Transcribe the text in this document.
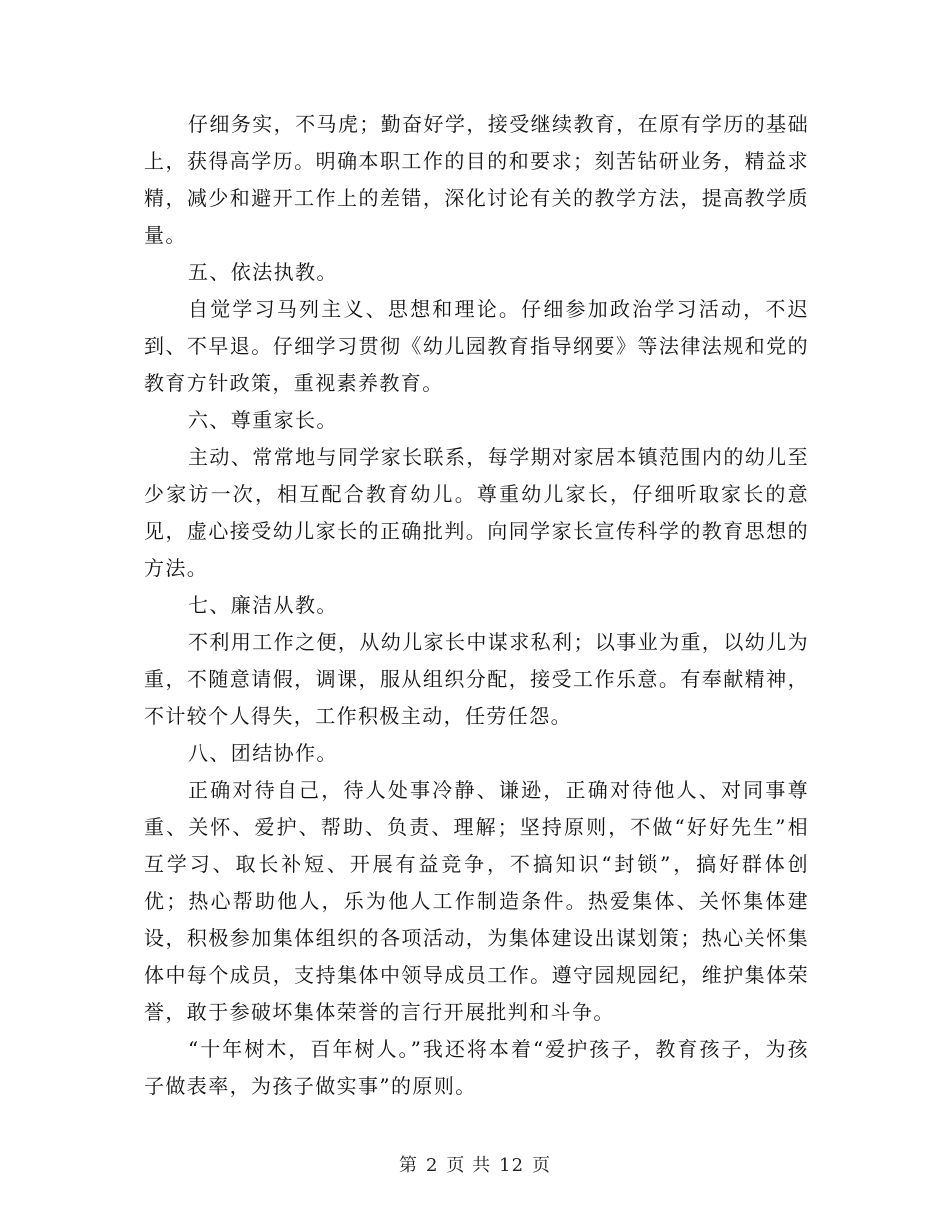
仔细务实，不马虎；勤奋好学，接受继续教育，在原有学历的基础上，获得高学历。明确本职工作的目的和要求；刻苦钻研业务，精益求精，减少和避开工作上的差错，深化讨论有关的教学方法，提高教学质量。

五、依法执教。

自觉学习马列主义、思想和理论。仔细参加政治学习活动，不迟到、不早退。仔细学习贯彻《幼儿园教育指导纲要》等法律法规和党的教育方针政策，重视素养教育。

六、尊重家长。

主动、常常地与同学家长联系，每学期对家居本镇范围内的幼儿至少家访一次，相互配合教育幼儿。尊重幼儿家长，仔细听取家长的意见，虚心接受幼儿家长的正确批判。向同学家长宣传科学的教育思想的方法。

七、廉洁从教。

不利用工作之便，从幼儿家长中谋求私利；以事业为重，以幼儿为重，不随意请假，调课，服从组织分配，接受工作乐意。有奉献精神，不计较个人得失，工作积极主动，任劳任怨。

八、团结协作。

正确对待自己，待人处事冷静、谦逊，正确对待他人、对同事尊重、关怀、爱护、帮助、负责、理解；坚持原则，不做“好好先生”相互学习、取长补短、开展有益竞争，不搞知识“封锁”，搞好群体创优；热心帮助他人，乐为他人工作制造条件。热爱集体、关怀集体建设，积极参加集体组织的各项活动，为集体建设出谋划策；热心关怀集体中每个成员，支持集体中领导成员工作。遵守园规园纪，维护集体荣誉，敢于参破坏集体荣誉的言行开展批判和斗争。

“十年树木，百年树人。”我还将本着“爱护孩子，教育孩子，为孩子做表率，为孩子做实事”的原则。

第 2 页 共 12 页
